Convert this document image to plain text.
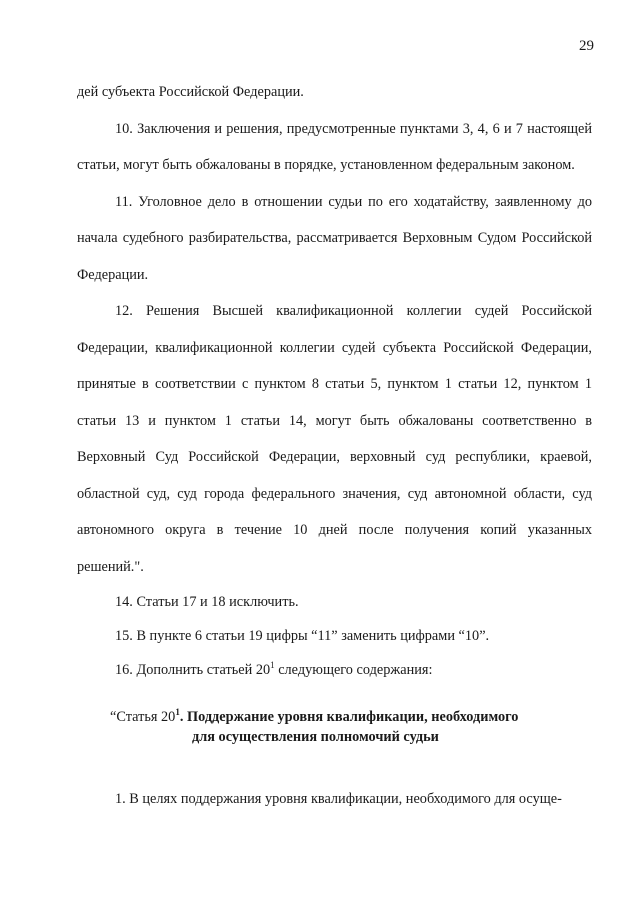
29

дей субъекта Российской Федерации.

10. Заключения и решения, предусмотренные пунктами 3, 4, 6 и 7 настоящей статьи, могут быть обжалованы в порядке, установленном федеральным законом.

11. Уголовное дело в отношении судьи по его ходатайству, заявленному до начала судебного разбирательства, рассматривается Верховным Судом Российской Федерации.

12. Решения Высшей квалификационной коллегии судей Российской Федерации, квалификационной коллегии судей субъекта Российской Федерации, принятые в соответствии с пунктом 8 статьи 5, пунктом 1 статьи 12, пунктом 1 статьи 13 и пунктом 1 статьи 14, могут быть обжалованы соответственно в Верховный Суд Российской Федерации, верховный суд республики, краевой, областной суд, суд города федерального значения, суд автономной области, суд автономного округа в течение 10 дней после получения копий указанных решений.".

14. Статьи 17 и 18 исключить.

15. В пункте 6 статьи 19 цифры “11” заменить цифрами “10”.

16. Дополнить статьей $20^1$ следующего содержания:

“Статья $20^1$. Поддержание уровня квалификации, необходимого
для осуществления полномочий судьи

1. В целях поддержания уровня квалификации, необходимого для осуще-
